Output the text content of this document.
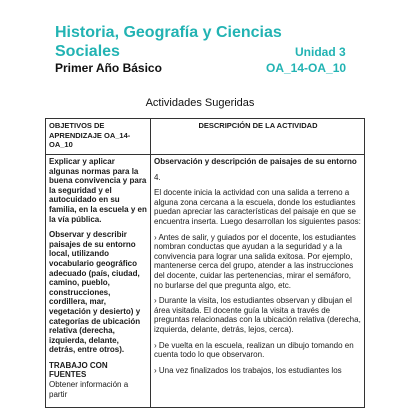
Historia, Geografía y Ciencias
Sociales	Unidad 3
Primer Año Básico	OA_14-OA_10
Actividades Sugeridas
OBJETIVOS DE APRENDIZAJE OA_14-OA_10
DESCRIPCIÓN DE LA ACTIVIDAD

Explicar y aplicar algunas normas para la buena convivencia y para la seguridad y el autocuidado en su familia, en la escuela y en la vía pública.

Observar y describir paisajes de su entorno local, utilizando vocabulario geográfico adecuado (país, ciudad, camino, pueblo, construcciones, cordillera, mar, vegetación y desierto) y categorías de ubicación relativa (derecha, izquierda, delante, detrás, entre otros).

TRABAJO CON FUENTES

Obtener información a partir

Observación y descripción de paisajes de su entorno

4.

El docente inicia la actividad con una salida a terreno a alguna zona cercana a la escuela, donde los estudiantes puedan apreciar las características del paisaje en que se encuentra inserta. Luego desarrollan los siguientes pasos:

› Antes de salir, y guiados por el docente, los estudiantes nombran conductas que ayudan a la seguridad y a la convivencia para lograr una salida exitosa. Por ejemplo, mantenerse cerca del grupo, atender a las instrucciones del docente, cuidar las pertenencias, mirar el semáforo, no burlarse del que pregunta algo, etc.

› Durante la visita, los estudiantes observan y dibujan el área visitada. El docente guía la visita a través de preguntas relacionadas con la ubicación relativa (derecha, izquierda, delante, detrás, lejos, cerca).

› De vuelta en la escuela, realizan un dibujo tomando en cuenta todo lo que observaron.

› Una vez finalizados los trabajos, los estudiantes los
